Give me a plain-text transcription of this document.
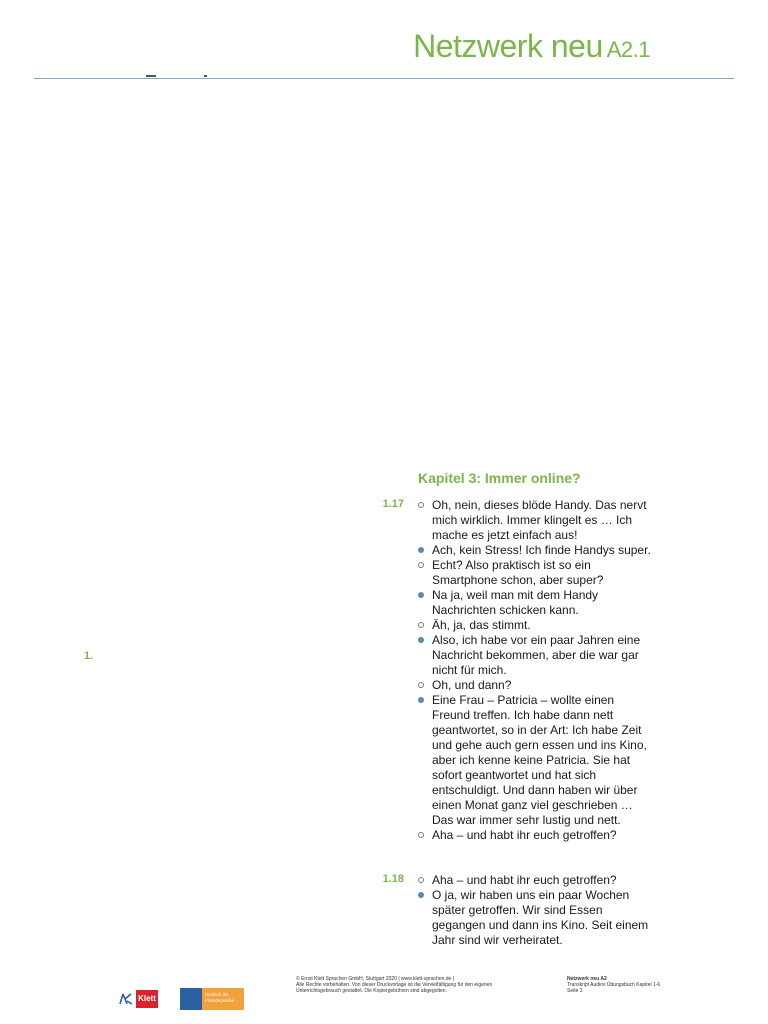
Netzwerk neu A2.1
1.
Kapitel 3: Immer online?
1.17	Oh, nein, dieses blöde Handy. Das nervt mich wirklich. Immer klingelt es … Ich mache es jetzt einfach aus!

Ach, kein Stress! Ich finde Handys super.

Echt? Also praktisch ist so ein Smartphone schon, aber super?

Na ja, weil man mit dem Handy Nachrichten schicken kann.

Äh, ja, das stimmt.

Also, ich habe vor ein paar Jahren eine Nachricht bekommen, aber die war gar nicht für mich.

Oh, und dann?

Eine Frau – Patricia – wollte einen Freund treffen. Ich habe dann nett geantwortet, so in der Art: Ich habe Zeit und gehe auch gern essen und ins Kino, aber ich kenne keine Patricia. Sie hat sofort geantwortet und hat sich entschuldigt. Und dann haben wir über einen Monat ganz viel geschrieben … Das war immer sehr lustig und nett.

Aha – und habt ihr euch getroffen?

1.18	Aha – und habt ihr euch getroffen?

O ja, wir haben uns ein paar Wochen später getroffen. Wir sind Essen gegangen und dann ins Kino. Seit einem Jahr sind wir verheiratet.

Klett	Deutsch als Fremdsprache
© Ernst Klett Sprachen GmbH, Stuttgart 2020 | www.klett-sprachen.de |
Alle Rechte vorbehalten. Von dieser Druckvorlage ist die Vervielfältigung für den eigenen Unterrichtsgebrauch gestattet. Die Kopiergebühren sind abgegolten.
Netzwerk neu A2
Transkript Audios Übungsbuch Kapitel 1-6
Seite 3
